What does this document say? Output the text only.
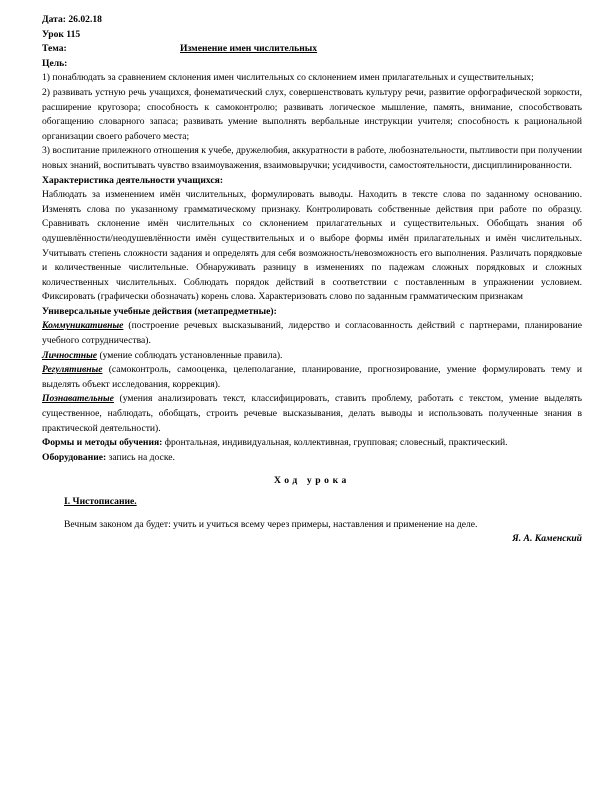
Дата: 26.02.18
Урок 115
Тема:	Изменение имен числительных
Цель:
1) понаблюдать за сравнением склонения имен числительных со склонением имен прилагательных и существительных;
2) развивать устную речь учащихся, фонематический слух, совершенствовать культуру речи, развитие орфографической зоркости, расширение кругозора; способность к самоконтролю; развивать логическое мышление, память, внимание, способствовать обогащению словарного запаса; развивать умение выполнять вербальные инструкции учителя; способность к рациональной организации своего рабочего места;
3) воспитание прилежного отношения к учебе, дружелюбия, аккуратности в работе, любознательности, пытливости при получении новых знаний, воспитывать чувство взаимоуважения, взаимовыручки; усидчивости, самостоятельности, дисциплинированности.
Характеристика деятельности учащихся:
Наблюдать за изменением имён числительных, формулировать выводы. Находить в тексте слова по заданному основанию. Изменять слова по указанному грамматическому признаку. Контролировать собственные действия при работе по образцу. Сравнивать склонение имён числительных со склонением прилагательных и существительных. Обобщать знания об одушевлённости/неодушевлённости имён существительных и о выборе формы имён прилагательных и имён числительных. Учитывать степень сложности задания и определять для себя возможность/невозможность его выполнения. Различать порядковые и количественные числительные. Обнаруживать разницу в изменениях по падежам сложных порядковых и сложных количественных числительных. Соблюдать порядок действий в соответствии с поставленным в упражнении условием. Фиксировать (графически обозначать) корень слова. Характеризовать слово по заданным грамматическим признакам
Универсальные учебные действия (метапредметные):
Коммуникативные (построение речевых высказываний, лидерство и согласованность действий с партнерами, планирование учебного сотрудничества).
Личностные (умение соблюдать установленные правила).
Регулятивные (самоконтроль, самооценка, целеполагание, планирование, прогнозирование, умение формулировать тему и выделять объект исследования, коррекция).
Познавательные (умения анализировать текст, классифицировать, ставить проблему, работать с текстом, умение выделять существенное, наблюдать, обобщать, строить речевые высказывания, делать выводы и использовать полученные знания в практической деятельности).
Формы и методы обучения: фронтальная, индивидуальная, коллективная, групповая; словесный, практический.
Оборудование: запись на доске.
Ход урока
I. Чистописание.
Вечным законом да будет: учить и учиться всему через примеры, наставления и применение на деле.
Я. А. Каменский
